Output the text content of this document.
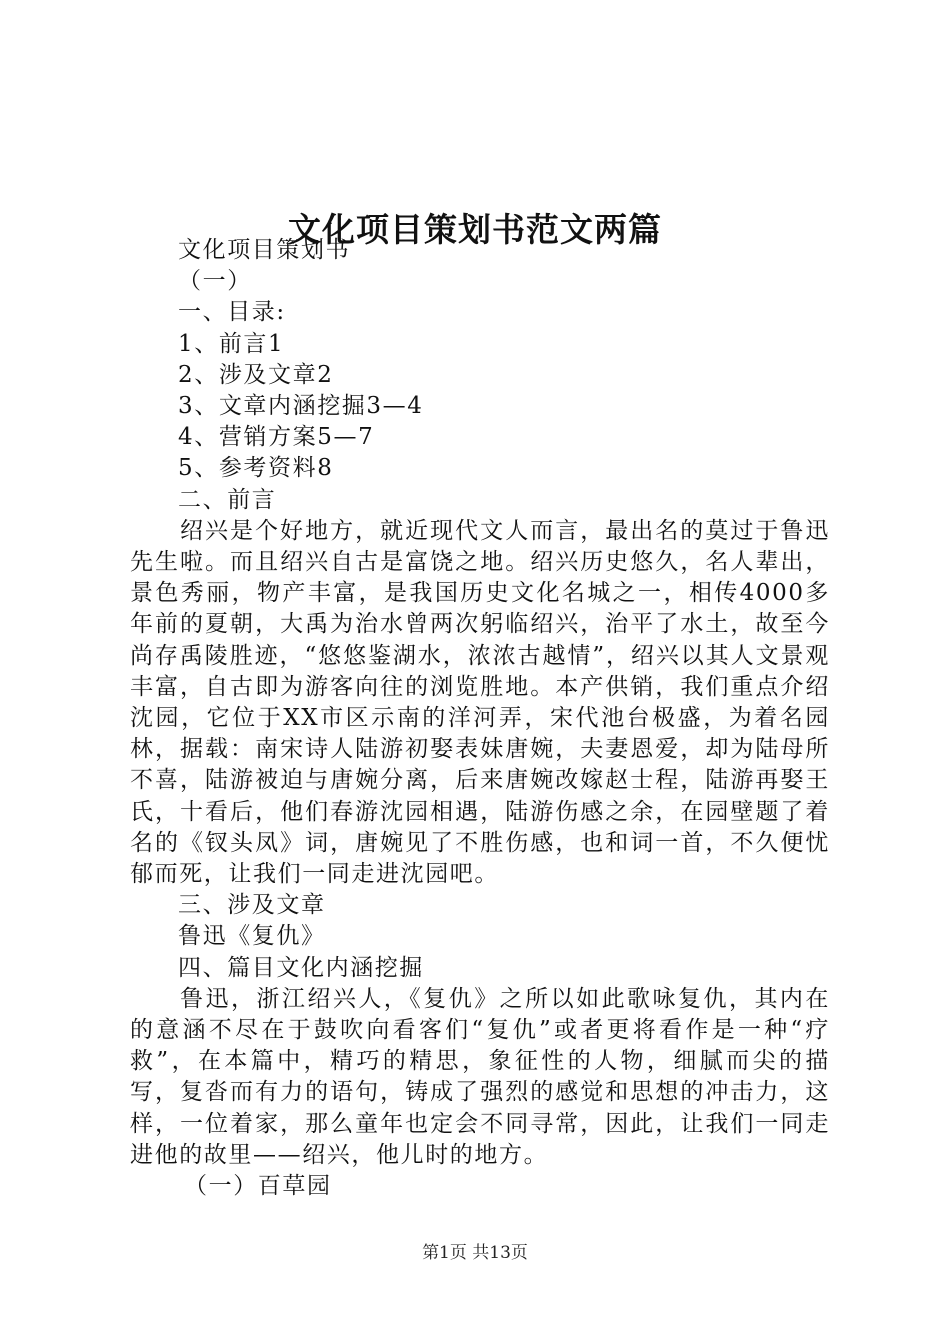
文化项目策划书范文两篇

文化项目策划书

（一）

一、目录:

1、前言1

2、涉及文章2

3、文章内涵挖掘3—4

4、营销方案5—7

5、参考资料8

二、前言

绍兴是个好地方，就近现代文人而言，最出名的莫过于鲁迅先生啦。而且绍兴自古是富饶之地。绍兴历史悠久，名人辈出，景色秀丽，物产丰富，是我国历史文化名城之一，相传4000多年前的夏朝，大禹为治水曾两次躬临绍兴，治平了水土，故至今尚存禹陵胜迹，“悠悠鉴湖水，浓浓古越情”，绍兴以其人文景观丰富，自古即为游客向往的浏览胜地。本产供销，我们重点介绍沈园，它位于XX市区示南的洋河弄，宋代池台极盛，为着名园林，据载：南宋诗人陆游初娶表妹唐婉，夫妻恩爱，却为陆母所不喜，陆游被迫与唐婉分离，后来唐婉改嫁赵士程，陆游再娶王氏，十看后，他们春游沈园相遇，陆游伤感之余，在园壁题了着名的《钗头凤》词，唐婉见了不胜伤感，也和词一首，不久便忧郁而死，让我们一同走进沈园吧。

三、涉及文章

鲁迅《复仇》

四、篇目文化内涵挖掘

鲁迅，浙江绍兴人，《复仇》之所以如此歌咏复仇，其内在的意涵不尽在于鼓吹向看客们“复仇”或者更将看作是一种“疗救”，在本篇中，精巧的精思，象征性的人物，细腻而尖的描写，复沓而有力的语句，铸成了强烈的感觉和思想的冲击力，这样，一位着家，那么童年也定会不同寻常，因此，让我们一同走进他的故里——绍兴，他儿时的地方。

（一）百草园

第1页 共13页
